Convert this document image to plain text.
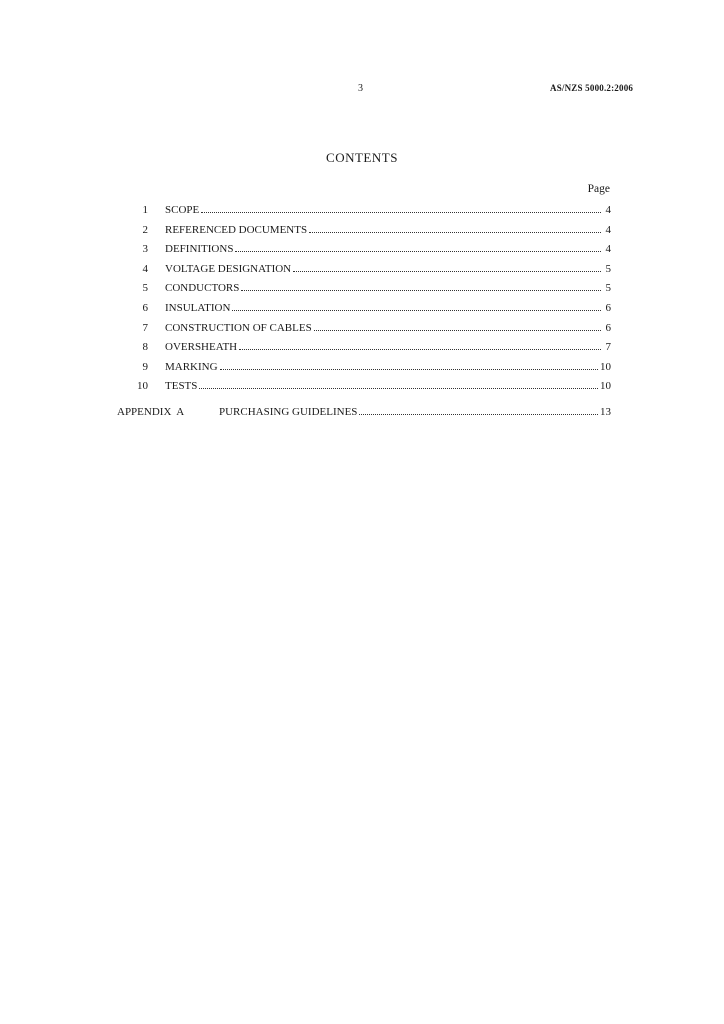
3	AS/NZS 5000.2:2006
CONTENTS
Page
1 SCOPE	4
2 REFERENCED DOCUMENTS	4
3 DEFINITIONS	4
4 VOLTAGE DESIGNATION	5
5 CONDUCTORS	5
6 INSULATION	6
7 CONSTRUCTION OF CABLES	6
8 OVERSHEATH	7
9 MARKING	10
10 TESTS	10
APPENDIX  A	PURCHASING GUIDELINES	13
